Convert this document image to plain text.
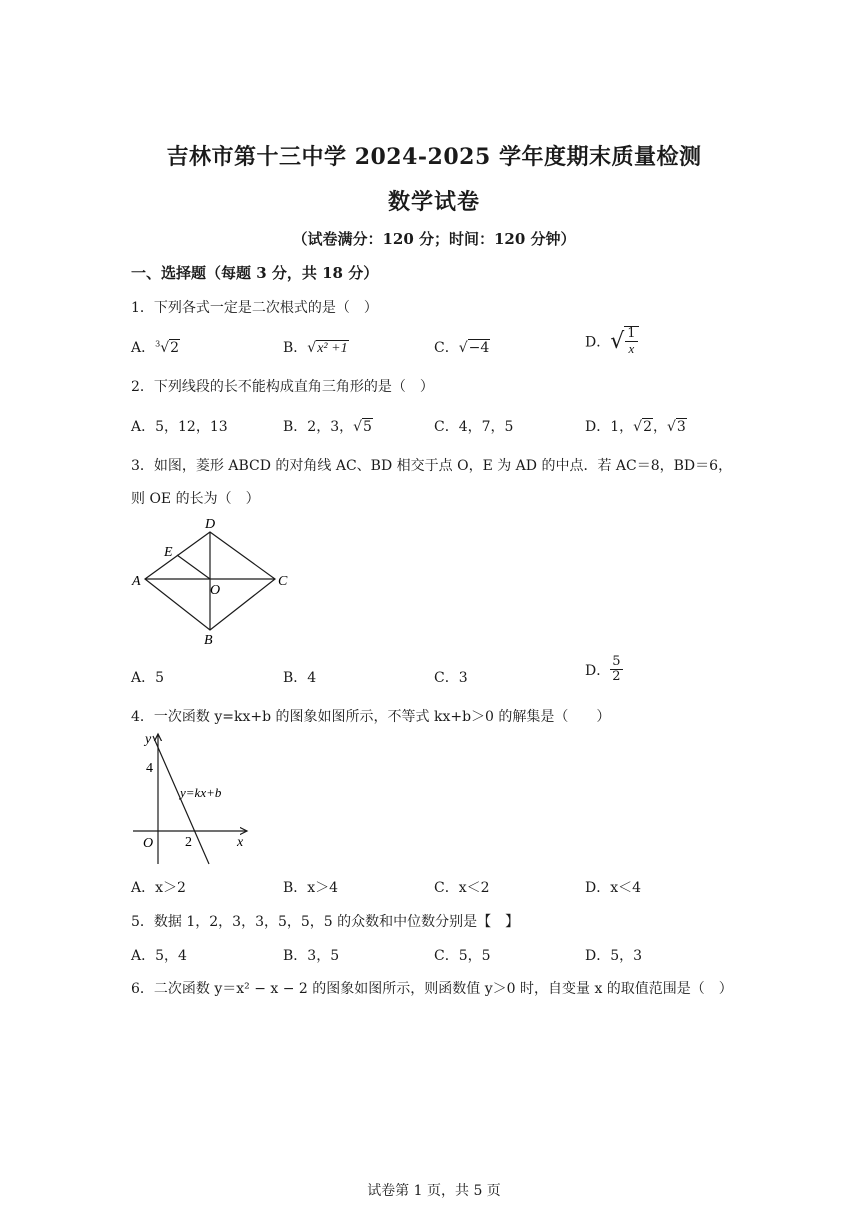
吉林市第十三中学 2024-2025 学年度期末质量检测
数学试卷
（试卷满分：120 分；时间：120 分钟）
一、选择题（每题 3 分，共 18 分）
1．下列各式一定是二次根式的是（　）
A．$^3$√2	B．√x² +1	C．√−4	D．√ $\frac{1}{x}$
2．下列线段的长不能构成直角三角形的是（　）
A．5，12，13	B．2，3，√5	C．4，7，5	D．1，√2，√3
3．如图，菱形 ABCD 的对角线 AC、BD 相交于点 O，E 为 AD 的中点．若 AC＝8，BD＝6，
则 OE 的长为（　）
A
D
C
B
E
O
A．5	B．4	C．3	D． $\frac{5}{2}$
4．一次函数 y=kx+b 的图象如图所示，不等式 kx+b＞0 的解集是（　　）
y
x
O
4
2
y=kx+b
A．x＞2	B．x＞4	C．x＜2	D．x＜4
5．数据 1，2，3，3，5，5，5 的众数和中位数分别是【　】
A．5，4	B．3，5	C．5，5	D．5，3
6．二次函数 y＝x² − x − 2 的图象如图所示，则函数值 y＞0 时，自变量 x 的取值范围是（　）
试卷第 1 页，共 5 页
